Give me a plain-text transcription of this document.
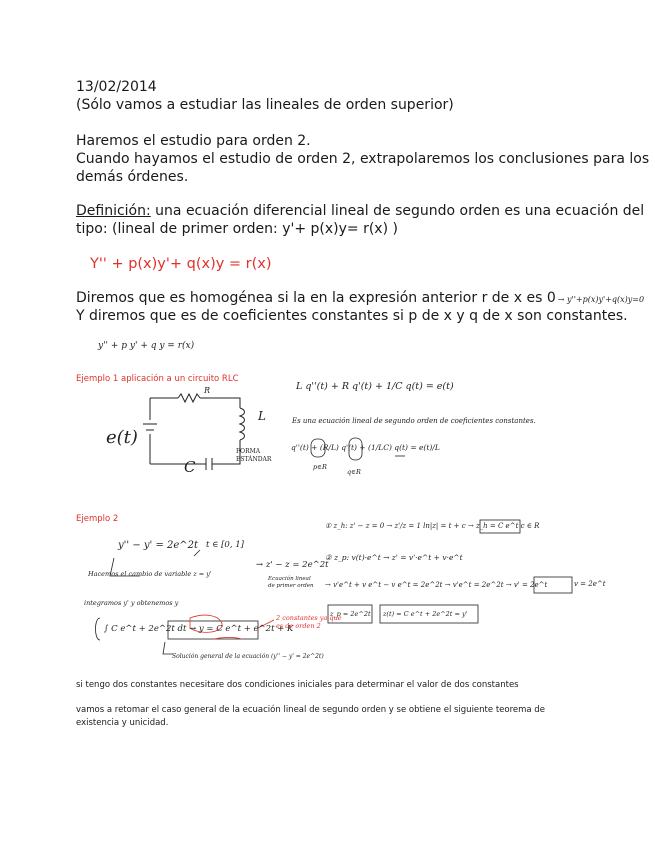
13/02/2014
(Sólo vamos a estudiar las lineales de orden superior)
Haremos el estudio para orden 2.
Cuando hayamos el estudio de orden 2, extrapolaremos los conclusiones para los
demás órdenes.
Definición: una ecuación diferencial lineal de segundo orden es una ecuación del
tipo: (lineal de primer orden: y'+ p(x)y= r(x) )
Y'' + p(x)y'+ q(x)y = r(x)
Diremos que es homogénea si la en la expresión anterior r de x es 0 → y''+p(x)y'+q(x)y=0
Y diremos que es de coeficientes constantes si p de x y q de x son constantes.
y'' + p y' + q y = r(x)
Ejemplo 1 aplicación a un circuito RLC
e(t)
R
L
C
L q''(t) + R q'(t) + 1/C q(t) = e(t)
Es una ecuación lineal de segundo orden de coeficientes constantes.
FORMA ESTÁNDAR
q''(t) + (R/L) q'(t) + (1/LC) q(t) = e(t)/L
p∈R
q∈R
Ejemplo 2
y'' − y' = 2e^2t t ∈ [0, 1]
Hacemos el cambio de variable z = y'
→ z' − z = 2e^2t
Ecuación lineal de primer orden
① z_h: z' − z = 0 → z'/z = 1 ln|z| = t + c → z_h = C e^t c ∈ R
② z_p: v(t)·e^t → z' = v'·e^t + v·e^t
→ v'e^t + v e^t − v e^t = 2e^2t → v'e^t = 2e^2t → v' = 2e^t	v = 2e^t
integramos y' y obtenemos y
z_p = 2e^2t z(t) = C e^t + 2e^2t = y'
∫ C e^t + 2e^2t dt → y = C e^t + e^2t + K
2 constantes ya que es de orden 2
Solución general de la ecuación (y'' − y' = 2e^2t)
si tengo dos constantes necesitare dos condiciones iniciales para determinar el valor de dos constantes
vamos a retomar el caso general de la ecuación lineal de segundo orden y se obtiene el siguiente teorema de
existencia y unicidad.
